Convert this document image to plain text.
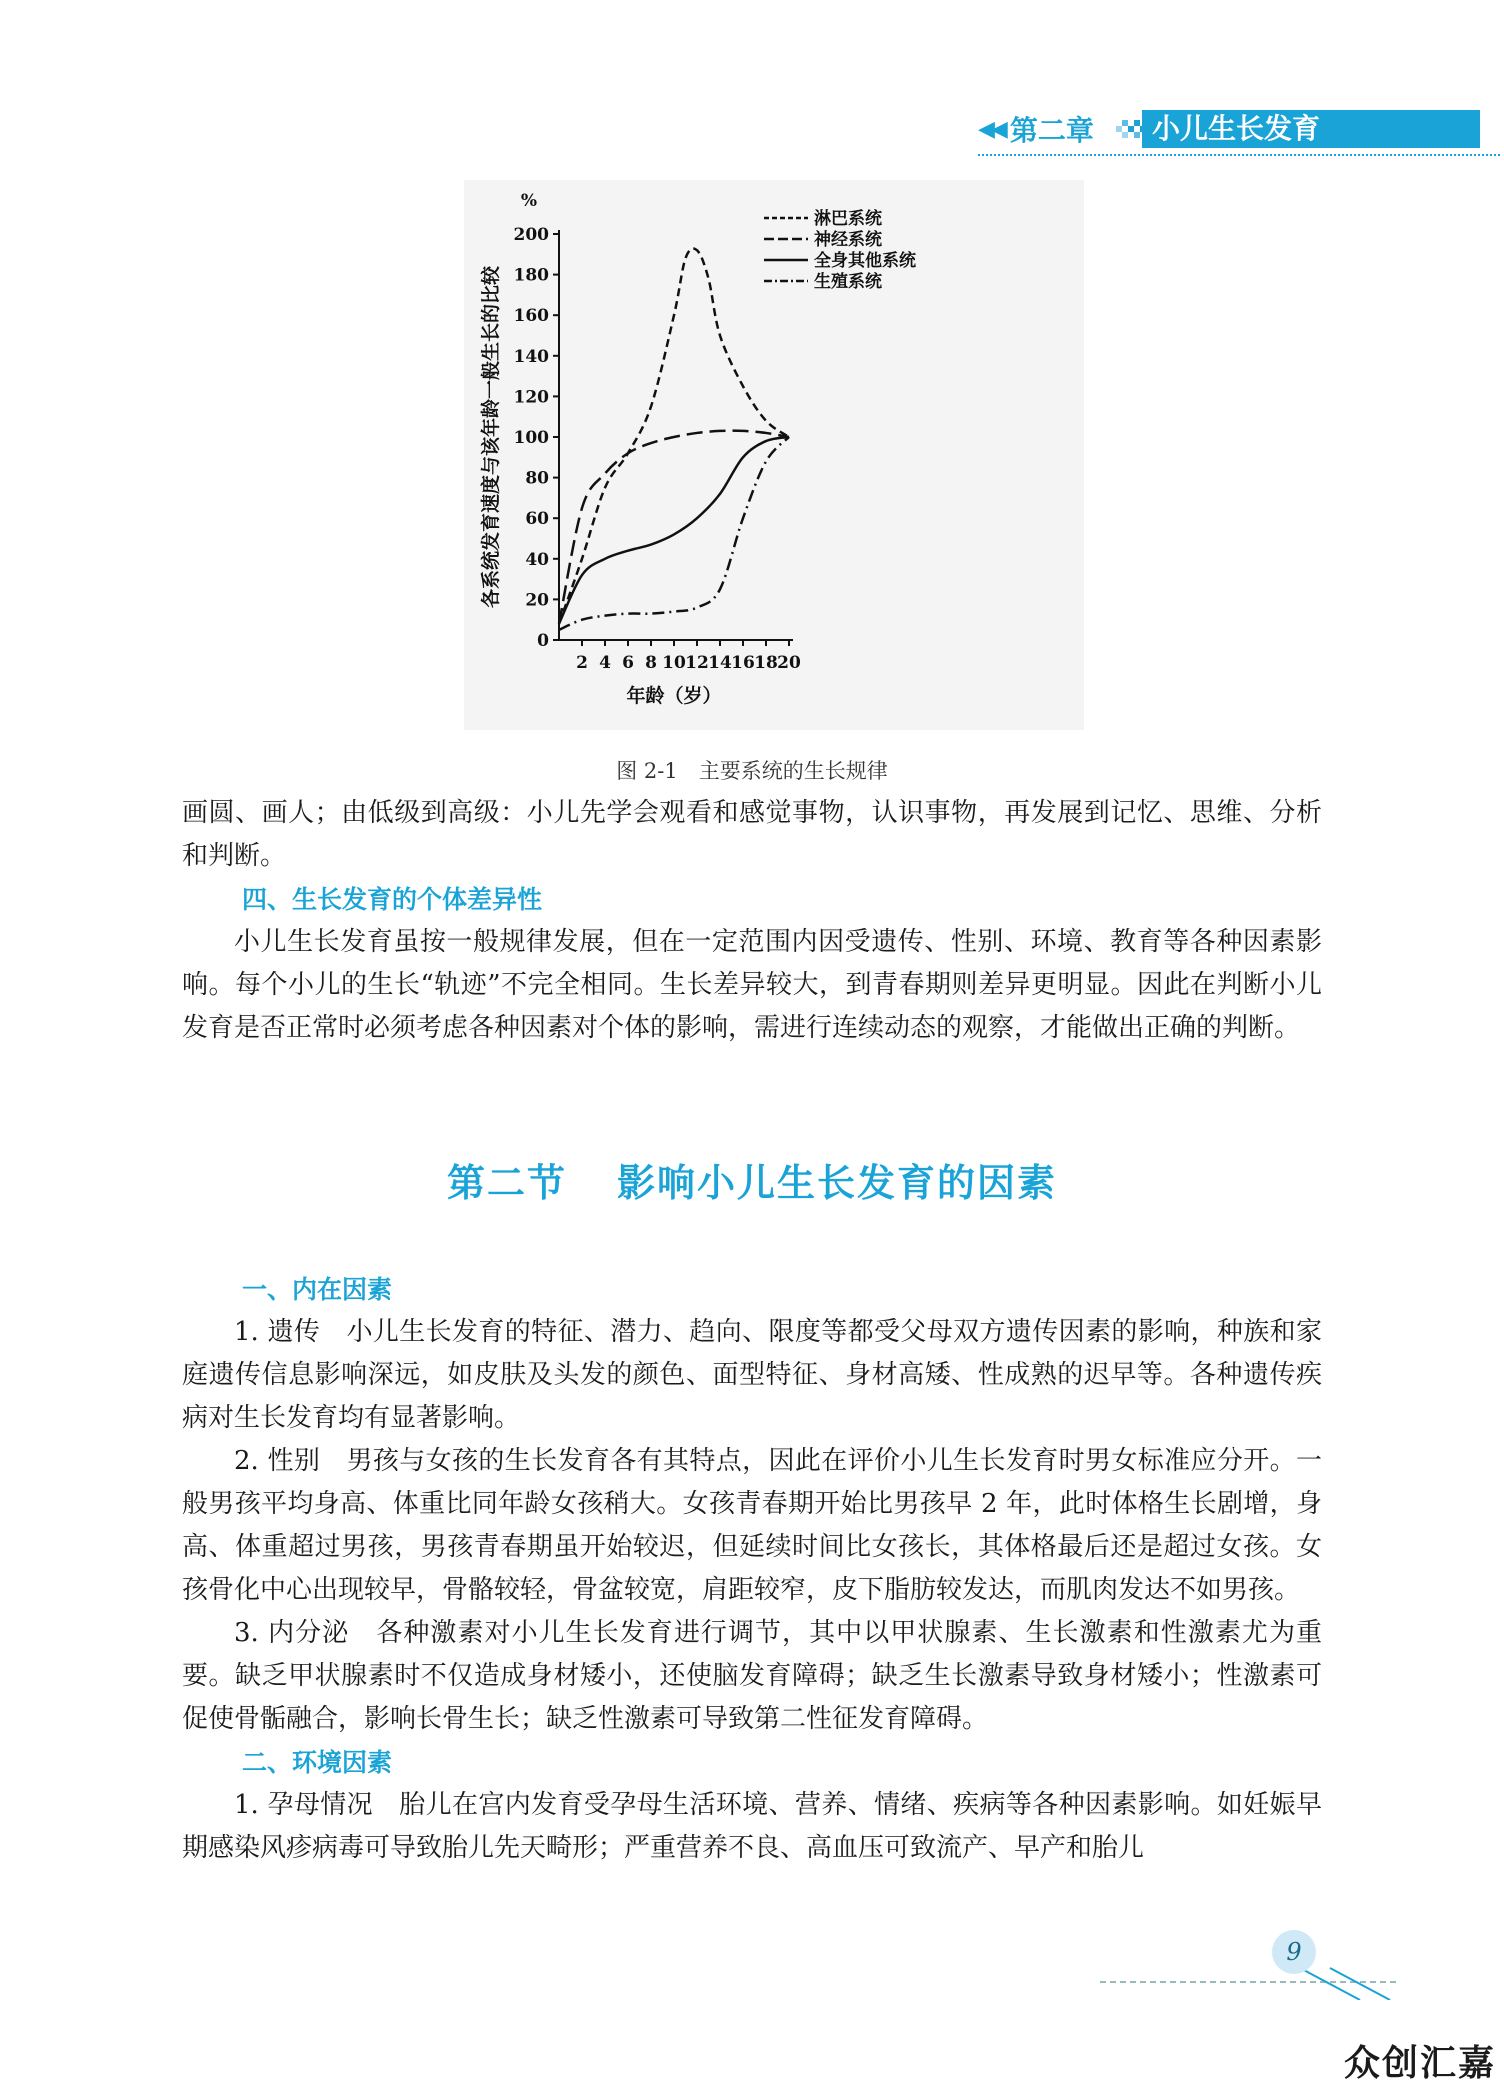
◀◀ 第二章 小儿生长发育
0
20
40
60
80
100
120
140
160
180
200
2 4 6 8 10 12 14 16 18 20
%
年龄（岁）
各系统发育速度与该年龄一般生长的比较
淋巴系统
神经系统
全身其他系统
生殖系统
图 2-1　主要系统的生长规律

画圆、画人；由低级到高级：小儿先学会观看和感觉事物，认识事物，再发展到记忆、思维、分析和判断。

四、生长发育的个体差异性

小儿生长发育虽按一般规律发展，但在一定范围内因受遗传、性别、环境、教育等各种因素影响。每个小儿的生长“轨迹”不完全相同。生长差异较大，到青春期则差异更明显。因此在判断小儿发育是否正常时必须考虑各种因素对个体的影响，需进行连续动态的观察，才能做出正确的判断。

第二节 影响小儿生长发育的因素

一、内在因素

1. 遗传　小儿生长发育的特征、潜力、趋向、限度等都受父母双方遗传因素的影响，种族和家庭遗传信息影响深远，如皮肤及头发的颜色、面型特征、身材高矮、性成熟的迟早等。各种遗传疾病对生长发育均有显著影响。

2. 性别　男孩与女孩的生长发育各有其特点，因此在评价小儿生长发育时男女标准应分开。一般男孩平均身高、体重比同年龄女孩稍大。女孩青春期开始比男孩早 2 年，此时体格生长剧增，身高、体重超过男孩，男孩青春期虽开始较迟，但延续时间比女孩长，其体格最后还是超过女孩。女孩骨化中心出现较早，骨骼较轻，骨盆较宽，肩距较窄，皮下脂肪较发达，而肌肉发达不如男孩。

3. 内分泌　各种激素对小儿生长发育进行调节，其中以甲状腺素、生长激素和性激素尤为重要。缺乏甲状腺素时不仅造成身材矮小，还使脑发育障碍；缺乏生长激素导致身材矮小；性激素可促使骨骺融合，影响长骨生长；缺乏性激素可导致第二性征发育障碍。

二、环境因素

1. 孕母情况　胎儿在宫内发育受孕母生活环境、营养、情绪、疾病等各种因素影响。如妊娠早期感染风疹病毒可导致胎儿先天畸形；严重营养不良、高血压可致流产、早产和胎儿

9
众创汇嘉
